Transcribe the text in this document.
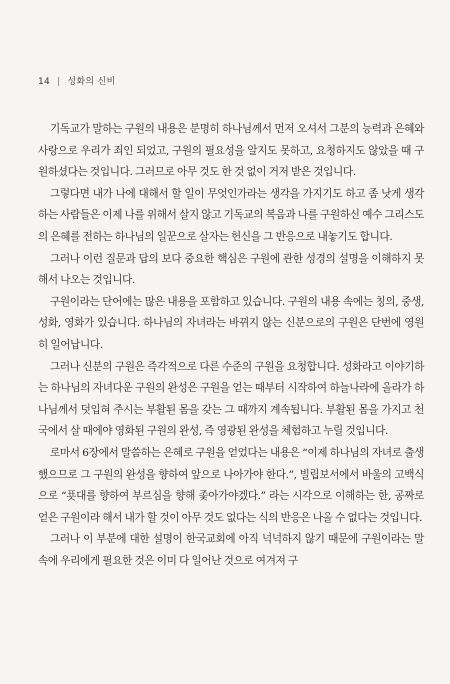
14 | 성화의 신비

기독교가 말하는 구원의 내용은 분명히 하나님께서 먼저 오셔서 그분의 능력과 은혜와 사랑으로 우리가 죄인 되었고, 구원의 필요성을 알지도 못하고, 요청하지도 않았을 때 구원하셨다는 것입니다. 그러므로 아무 것도 한 것 없이 거저 받은 것입니다.

그렇다면 내가 나에 대해서 할 일이 무엇인가라는 생각을 가지기도 하고 좀 낫게 생각하는 사람들은 이제 나를 위해서 살지 않고 기독교의 복음과 나를 구원하신 예수 그리스도의 은혜를 전하는 하나님의 일꾼으로 살자는 헌신을 그 반응으로 내놓기도 합니다.

그러나 이런 질문과 답의 보다 중요한 핵심은 구원에 관한 성경의 설명을 이해하지 못해서 나오는 것입니다.

구원이라는 단어에는 많은 내용을 포함하고 있습니다. 구원의 내용 속에는 칭의, 중생, 성화, 영화가 있습니다. 하나님의 자녀라는 바뀌지 않는 신분으로의 구원은 단번에 영원히 일어납니다.

그러나 신분의 구원은 즉각적으로 다른 수준의 구원을 요청합니다. 성화라고 이야기하는 하나님의 자녀다운 구원의 완성은 구원을 얻는 때부터 시작하여 하늘나라에 올라가 하나님께서 덧입혀 주시는 부활된 몸을 갖는 그 때까지 계속됩니다. 부활된 몸을 가지고 천국에서 살 때에야 영화된 구원의 완성, 즉 영광된 완성을 체험하고 누릴 것입니다.

로마서 6장에서 말씀하는 은혜로 구원을 얻었다는 내용은 “이제 하나님의 자녀로 출생했으므로 그 구원의 완성을 향하여 앞으로 나아가야 한다.”, 빌립보서에서 바울의 고백식으로 “푯대를 향하여 부르심을 향해 좇아가야겠다.” 라는 시각으로 이해하는 한, 공짜로 얻은 구원이라 해서 내가 할 것이 아무 것도 없다는 식의 반응은 나올 수 없다는 것입니다.

그러나 이 부분에 대한 설명이 한국교회에 아직 넉넉하지 않기 때문에 구원이라는 말 속에 우리에게 필요한 것은 이미 다 일어난 것으로 여겨져 구
